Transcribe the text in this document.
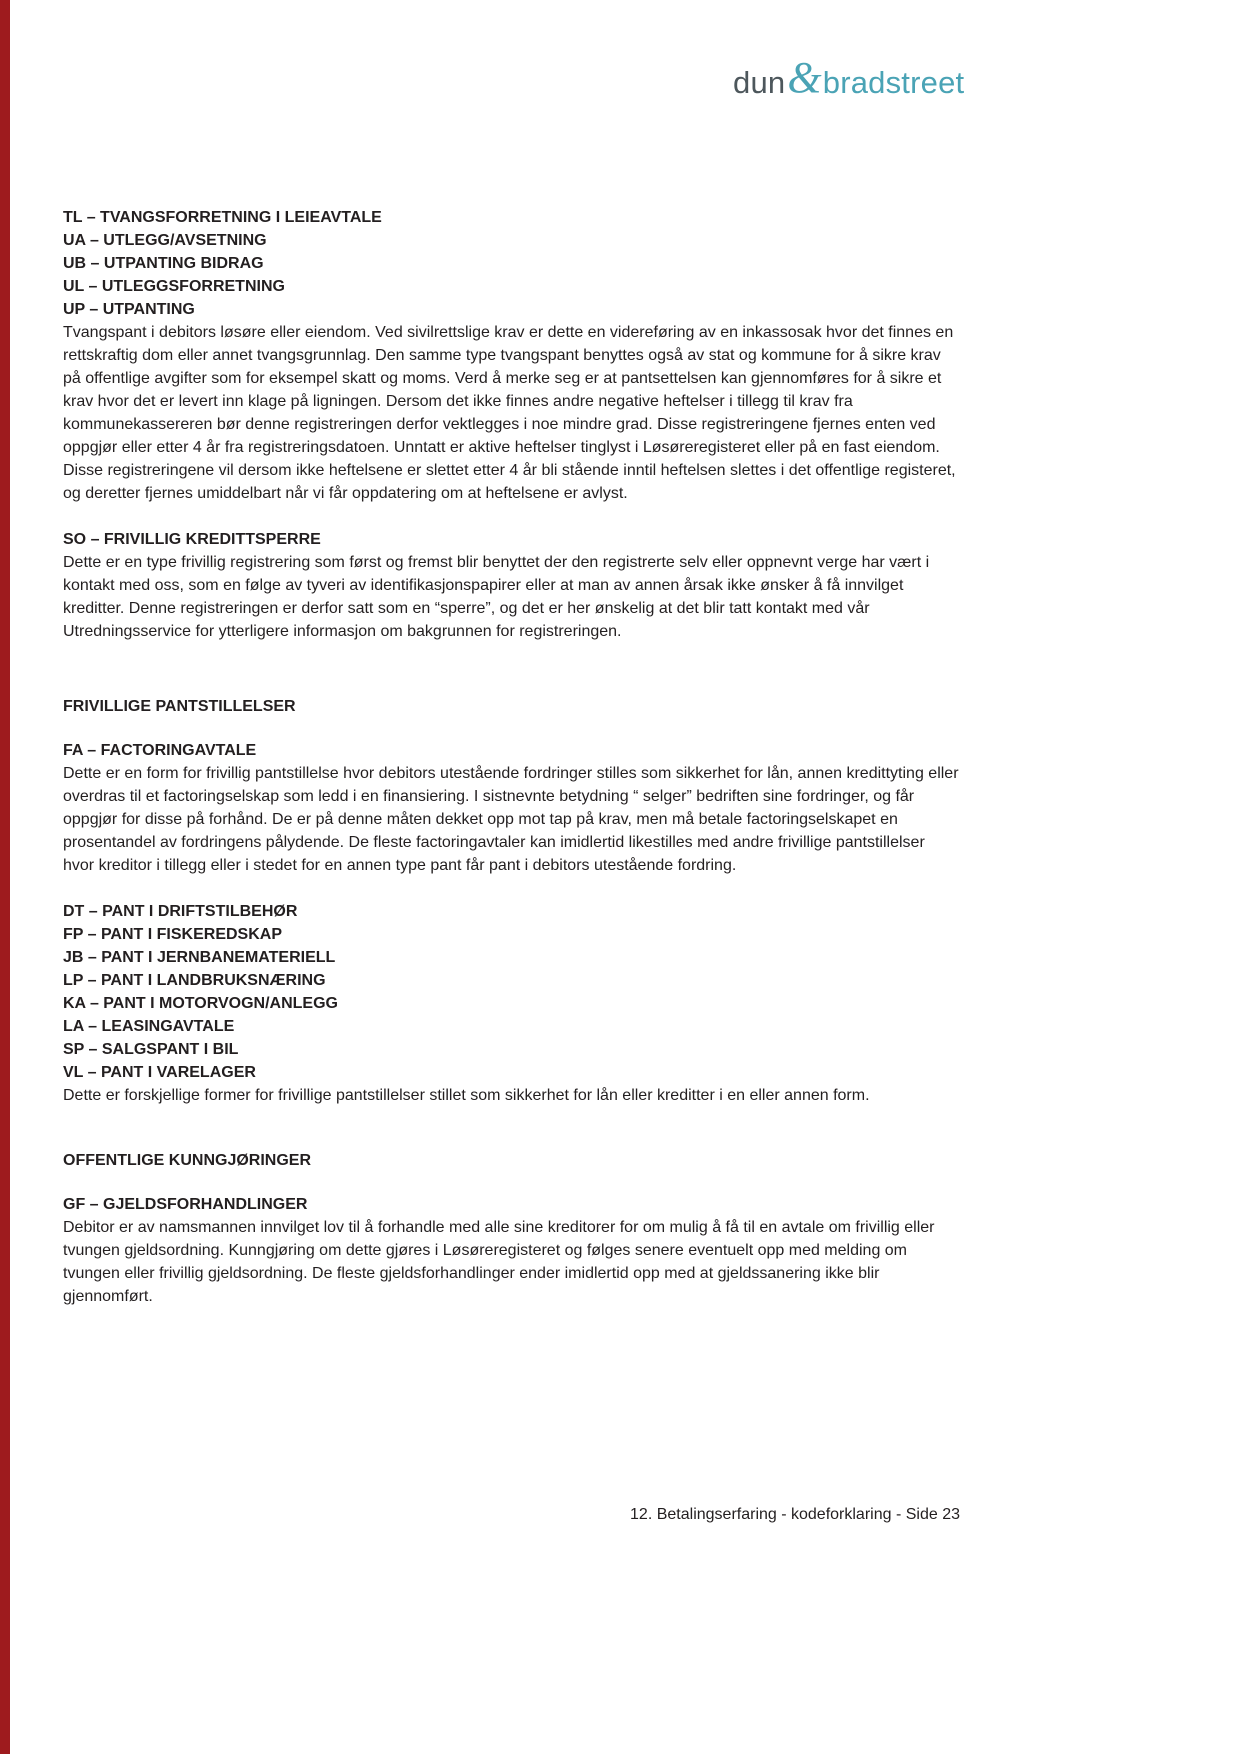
dun & bradstreet
TL – TVANGSFORRETNING I LEIEAVTALE
UA – UTLEGG/AVSETNING
UB – UTPANTING BIDRAG
UL – UTLEGGSFORRETNING
UP – UTPANTING

Tvangspant i debitors løsøre eller eiendom. Ved sivilrettslige krav er dette en videreføring av en inkassosak hvor det finnes en rettskraftig dom eller annet tvangsgrunnlag. Den samme type tvangspant benyttes også av stat og kommune for å sikre krav på offentlige avgifter som for eksempel skatt og moms. Verd å merke seg er at pantsettelsen kan gjennomføres for å sikre et krav hvor det er levert inn klage på ligningen. Dersom det ikke finnes andre negative heftelser i tillegg til krav fra kommunekassereren bør denne registreringen derfor vektlegges i noe mindre grad. Disse registreringene fjernes enten ved oppgjør eller etter 4 år fra registreringsdatoen. Unntatt er aktive heftelser tinglyst i Løsøreregisteret eller på en fast eiendom. Disse registreringene vil dersom ikke heftelsene er slettet etter 4 år bli stående inntil heftelsen slettes i det offentlige registeret, og deretter fjernes umiddelbart når vi får oppdatering om at heftelsene er avlyst.

SO – FRIVILLIG KREDITTSPERRE

Dette er en type frivillig registrering som først og fremst blir benyttet der den registrerte selv eller oppnevnt verge har vært i kontakt med oss, som en følge av tyveri av identifikasjonspapirer eller at man av annen årsak ikke ønsker å få innvilget kreditter. Denne registreringen er derfor satt som en “sperre”, og det er her ønskelig at det blir tatt kontakt med vår Utredningsservice for ytterligere informasjon om bakgrunnen for registreringen.

FRIVILLIGE PANTSTILLELSER
FA – FACTORINGAVTALE

Dette er en form for frivillig pantstillelse hvor debitors utestående fordringer stilles som sikkerhet for lån, annen kredittyting eller overdras til et factoringselskap som ledd i en finansiering. I sistnevnte betydning “ selger” bedriften sine fordringer, og får oppgjør for disse på forhånd. De er på denne måten dekket opp mot tap på krav, men må betale factoringselskapet en prosentandel av fordringens pålydende. De fleste factoringavtaler kan imidlertid likestilles med andre frivillige pantstillelser hvor kreditor i tillegg eller i stedet for en annen type pant får pant i debitors utestående fordring.

DT – PANT I DRIFTSTILBEHØR
FP – PANT I FISKEREDSKAP
JB – PANT I JERNBANEMATERIELL
LP – PANT I LANDBRUKSNÆRING
KA – PANT I MOTORVOGN/ANLEGG
LA – LEASINGAVTALE
SP – SALGSPANT I BIL
VL – PANT I VARELAGER

Dette er forskjellige former for frivillige pantstillelser stillet som sikkerhet for lån eller kreditter i en eller annen form.

OFFENTLIGE KUNNGJØRINGER
GF – GJELDSFORHANDLINGER

Debitor er av namsmannen innvilget lov til å forhandle med alle sine kreditorer for om mulig å få til en avtale om frivillig eller tvungen gjeldsordning. Kunngjøring om dette gjøres i Løsøreregisteret og følges senere eventuelt opp med melding om tvungen eller frivillig gjeldsordning. De fleste gjeldsforhandlinger ender imidlertid opp med at gjeldssanering ikke blir gjennomført.

12. Betalingserfaring - kodeforklaring - Side 23
